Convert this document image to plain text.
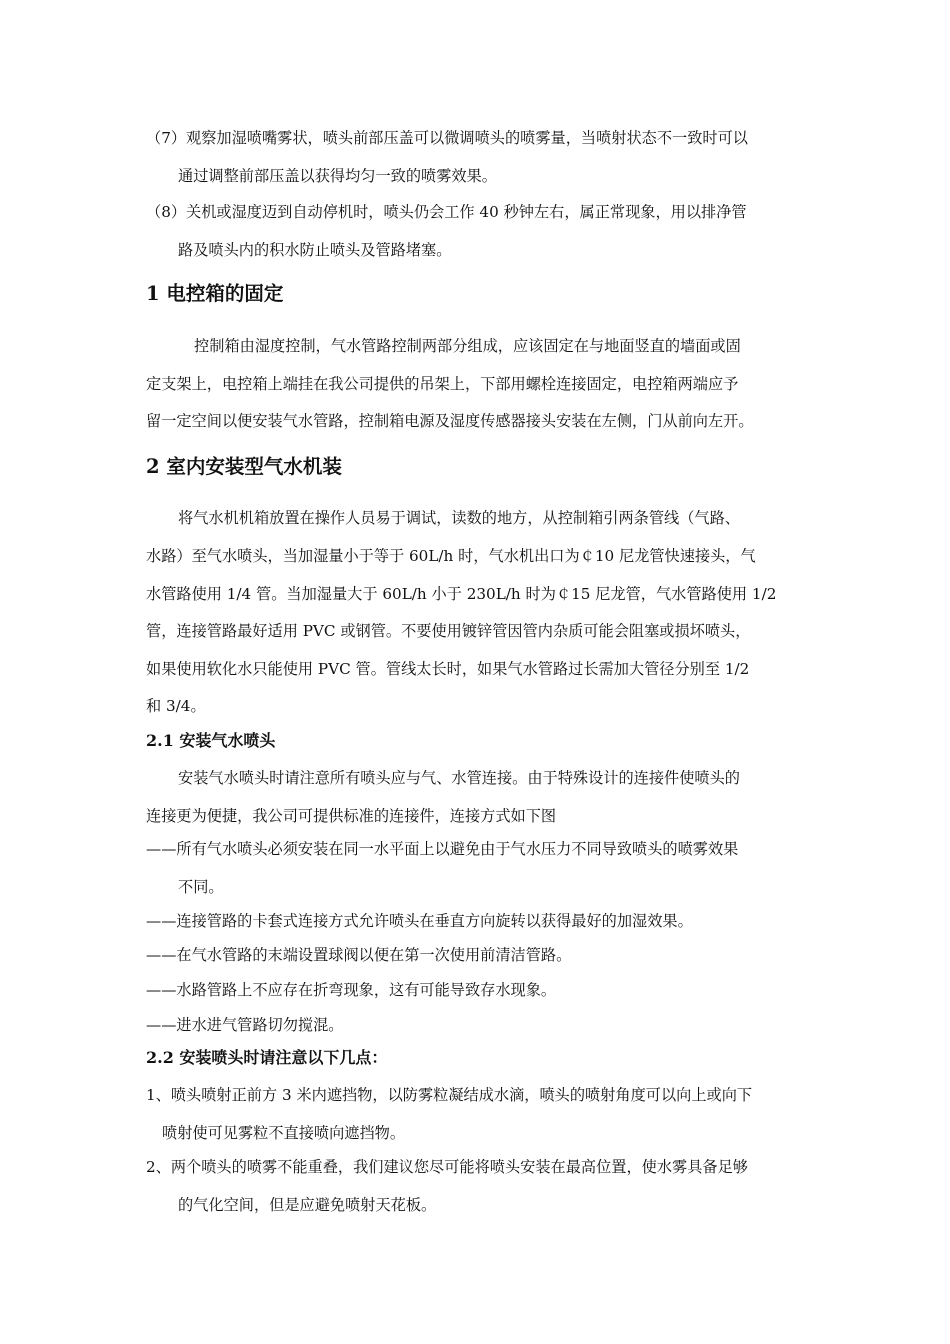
（7）观察加湿喷嘴雾状，喷头前部压盖可以微调喷头的喷雾量，当喷射状态不一致时可以

通过调整前部压盖以获得均匀一致的喷雾效果。

（8）关机或湿度迈到自动停机时，喷头仍会工作 40 秒钟左右，属正常现象，用以排净管

路及喷头内的积水防止喷头及管路堵塞。

1 电控箱的固定

控制箱由湿度控制，气水管路控制两部分组成，应该固定在与地面竖直的墙面或固

定支架上，电控箱上端挂在我公司提供的吊架上，下部用螺栓连接固定，电控箱两端应予

留一定空间以便安装气水管路，控制箱电源及湿度传感器接头安装在左侧，门从前向左开。

2 室内安装型气水机装

将气水机机箱放置在操作人员易于调试，读数的地方，从控制箱引两条管线（气路、

水路）至气水喷头，当加湿量小于等于 60L/h 时，气水机出口为￠10 尼龙管快速接头，气

水管路使用 1/4 管。当加湿量大于 60L/h 小于 230L/h 时为￠15 尼龙管，气水管路使用 1/2

管，连接管路最好适用 PVC 或钢管。不要使用镀锌管因管内杂质可能会阻塞或损坏喷头，

如果使用软化水只能使用 PVC 管。管线太长时，如果气水管路过长需加大管径分别至 1/2

和 3/4。

2.1 安装气水喷头

安装气水喷头时请注意所有喷头应与气、水管连接。由于特殊设计的连接件使喷头的

连接更为便捷，我公司可提供标准的连接件，连接方式如下图

——所有气水喷头必须安装在同一水平面上以避免由于气水压力不同导致喷头的喷雾效果

不同。

——连接管路的卡套式连接方式允许喷头在垂直方向旋转以获得最好的加湿效果。

——在气水管路的末端设置球阀以便在第一次使用前清洁管路。

——水路管路上不应存在折弯现象，这有可能导致存水现象。

——进水进气管路切勿搅混。

2.2 安装喷头时请注意以下几点：

1、喷头喷射正前方 3 米内遮挡物，以防雾粒凝结成水滴，喷头的喷射角度可以向上或向下

喷射使可见雾粒不直接喷向遮挡物。

2、两个喷头的喷雾不能重叠，我们建议您尽可能将喷头安装在最高位置，使水雾具备足够

的气化空间，但是应避免喷射天花板。
